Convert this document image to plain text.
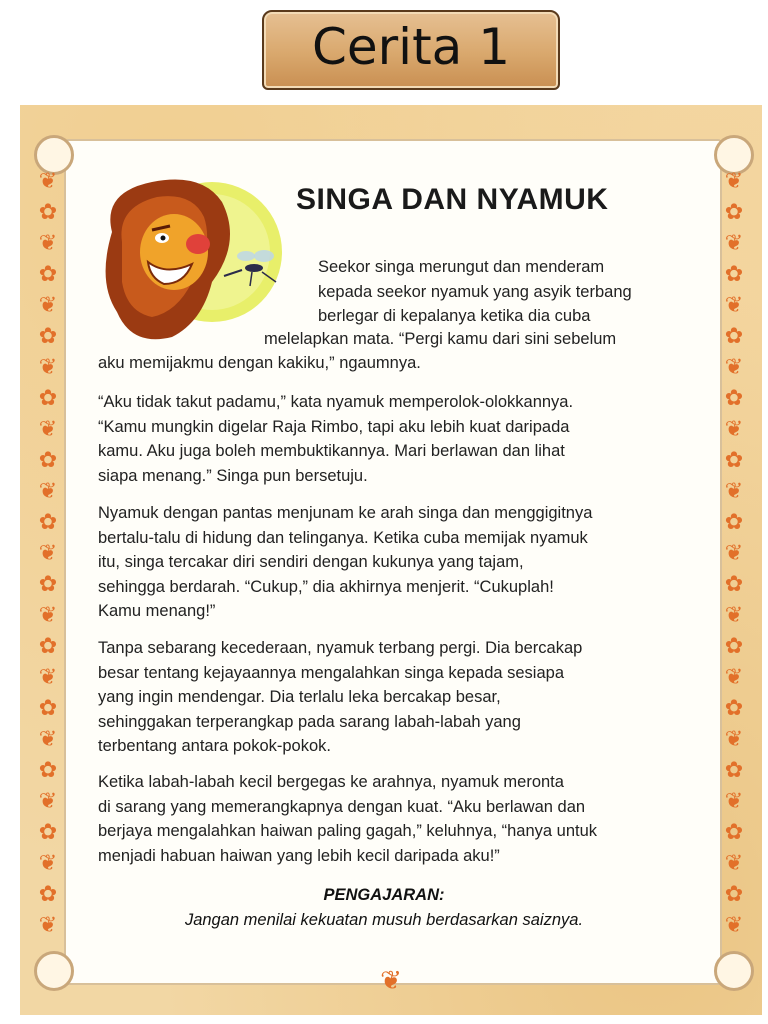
Cerita 1
❦
✿
❦
✿
❦
✿
❦
✿
❦
✿
❦
✿
❦
✿
❦
✿
❦
✿
❦
✿
❦
✿
❦
✿
❦
❦
✿
❦
✿
❦
✿
❦
✿
❦
✿
❦
✿
❦
✿
❦
✿
❦
✿
❦
✿
❦
✿
❦
✿
❦
❦
SINGA DAN NYAMUK
Seekor singa merungut dan menderam
kepada seekor nyamuk yang asyik terbang
berlegar di kepalanya ketika dia cuba
melelapkan mata. “Pergi kamu dari sini sebelum
aku memijakmu dengan kakiku,” ngaumnya.
“Aku tidak takut padamu,” kata nyamuk memperolok-olokkannya.
“Kamu mungkin digelar Raja Rimbo, tapi aku lebih kuat daripada
kamu. Aku juga boleh membuktikannya. Mari berlawan dan lihat
siapa menang.” Singa pun bersetuju.
Nyamuk dengan pantas menjunam ke arah singa dan menggigitnya
bertalu-talu di hidung dan telinganya. Ketika cuba memijak nyamuk
itu, singa tercakar diri sendiri dengan kukunya yang tajam,
sehingga berdarah. “Cukup,” dia akhirnya menjerit. “Cukuplah!
Kamu menang!”
Tanpa sebarang kecederaan, nyamuk terbang pergi. Dia bercakap
besar tentang kejayaannya mengalahkan singa kepada sesiapa
yang ingin mendengar. Dia terlalu leka bercakap besar,
sehinggakan terperangkap pada sarang labah-labah yang
terbentang antara pokok-pokok.
Ketika labah-labah kecil bergegas ke arahnya, nyamuk meronta
di sarang yang memerangkapnya dengan kuat. “Aku berlawan dan
berjaya mengalahkan haiwan paling gagah,” keluhnya, “hanya untuk
menjadi habuan haiwan yang lebih kecil daripada aku!”
PENGAJARAN:
Jangan menilai kekuatan musuh berdasarkan saiznya.
